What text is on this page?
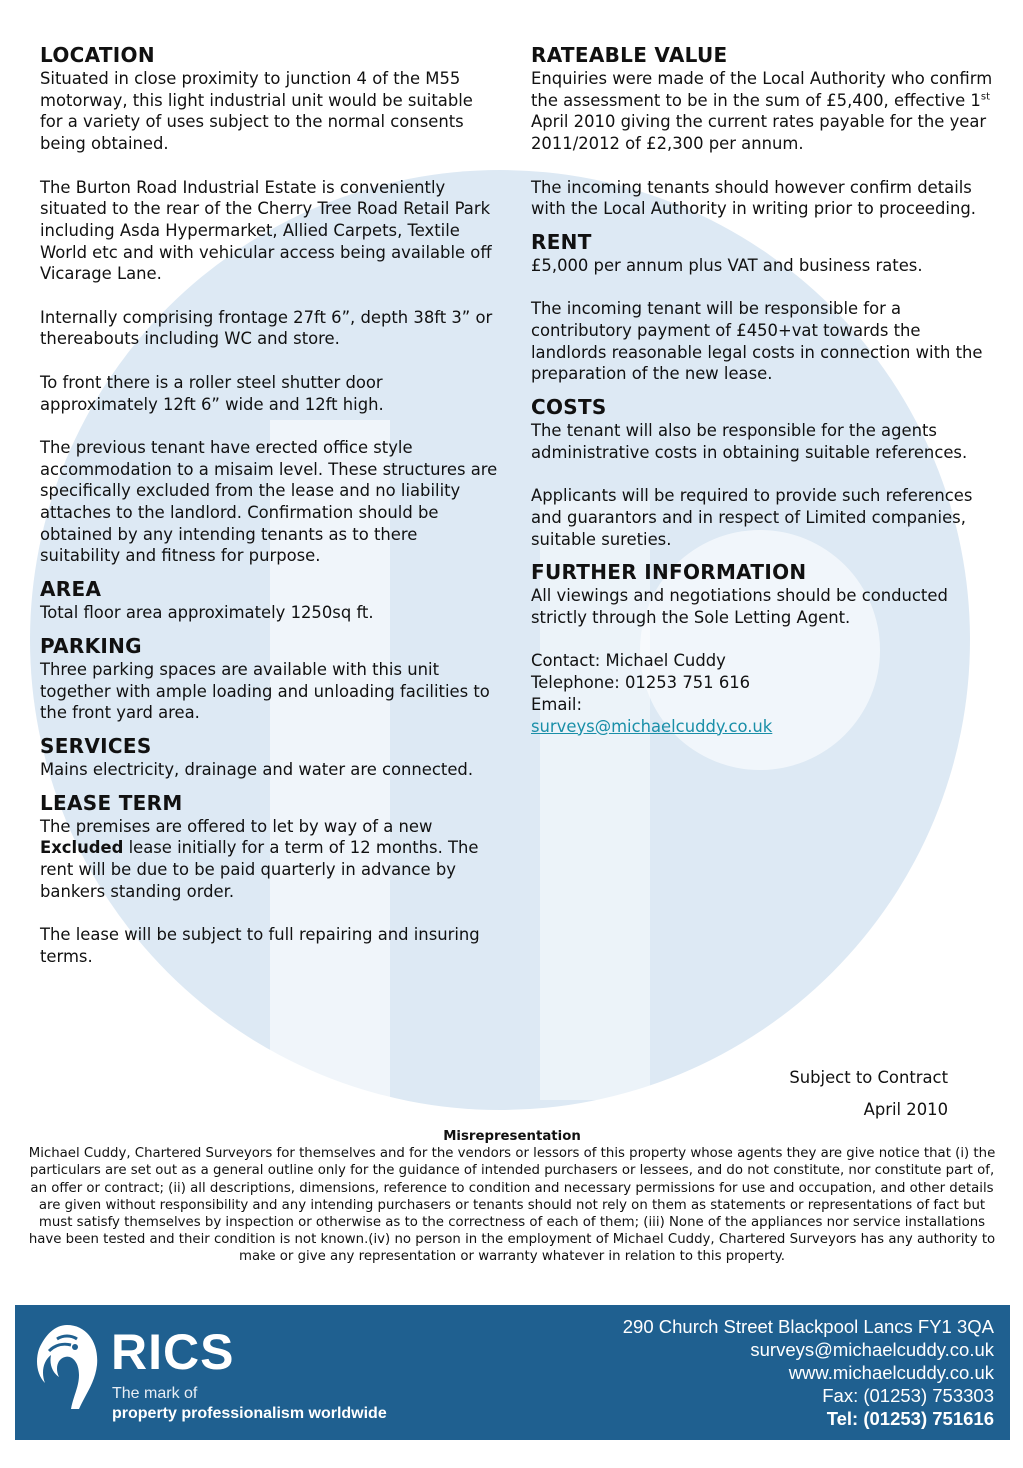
LOCATION
Situated in close proximity to junction 4 of the M55 motorway, this light industrial unit would be suitable for a variety of uses subject to the normal consents being obtained.
The Burton Road Industrial Estate is conveniently situated to the rear of the Cherry Tree Road Retail Park including Asda Hypermarket, Allied Carpets, Textile World etc and with vehicular access being available off Vicarage Lane.
Internally comprising frontage 27ft 6”, depth 38ft 3” or thereabouts including WC and store.
To front there is a roller steel shutter door approximately 12ft 6” wide and 12ft high.
The previous tenant have erected office style accommodation to a misaim level. These structures are specifically excluded from the lease and no liability attaches to the landlord. Confirmation should be obtained by any intending tenants as to there suitability and fitness for purpose.
AREA
Total floor area approximately 1250sq ft.
PARKING
Three parking spaces are available with this unit together with ample loading and unloading facilities to the front yard area.
SERVICES
Mains electricity, drainage and water are connected.
LEASE TERM
The premises are offered to let by way of a new Excluded lease initially for a term of 12 months. The rent will be due to be paid quarterly in advance by bankers standing order.
The lease will be subject to full repairing and insuring terms.
RATEABLE VALUE
Enquiries were made of the Local Authority who confirm the assessment to be in the sum of £5,400, effective 1st April 2010 giving the current rates payable for the year 2011/2012 of £2,300 per annum.
The incoming tenants should however confirm details with the Local Authority in writing prior to proceeding.
RENT
£5,000 per annum plus VAT and business rates.
The incoming tenant will be responsible for a contributory payment of £450+vat towards the landlords reasonable legal costs in connection with the preparation of the new lease.
COSTS
The tenant will also be responsible for the agents administrative costs in obtaining suitable references.
Applicants will be required to provide such references and guarantors and in respect of Limited companies, suitable sureties.
FURTHER INFORMATION
All viewings and negotiations should be conducted strictly through the Sole Letting Agent.
Contact: Michael Cuddy
Telephone: 01253 751 616
Email:
surveys@michaelcuddy.co.uk
Subject to Contract
April 2010
Misrepresentation
Michael Cuddy, Chartered Surveyors for themselves and for the vendors or lessors of this property whose agents they are give notice that (i) the particulars are set out as a general outline only for the guidance of intended purchasers or lessees, and do not constitute, nor constitute part of, an offer or contract; (ii) all descriptions, dimensions, reference to condition and necessary permissions for use and occupation, and other details are given without responsibility and any intending purchasers or tenants should not rely on them as statements or representations of fact but must satisfy themselves by inspection or otherwise as to the correctness of each of them; (iii) None of the appliances nor service installations have been tested and their condition is not known.(iv) no person in the employment of Michael Cuddy, Chartered Surveyors has any authority to make or give any representation or warranty whatever in relation to this property.
RICS
The mark of
property professionalism worldwide
290 Church Street Blackpool Lancs FY1 3QA
surveys@michaelcuddy.co.uk
www.michaelcuddy.co.uk
Fax: (01253) 753303
Tel: (01253) 751616
